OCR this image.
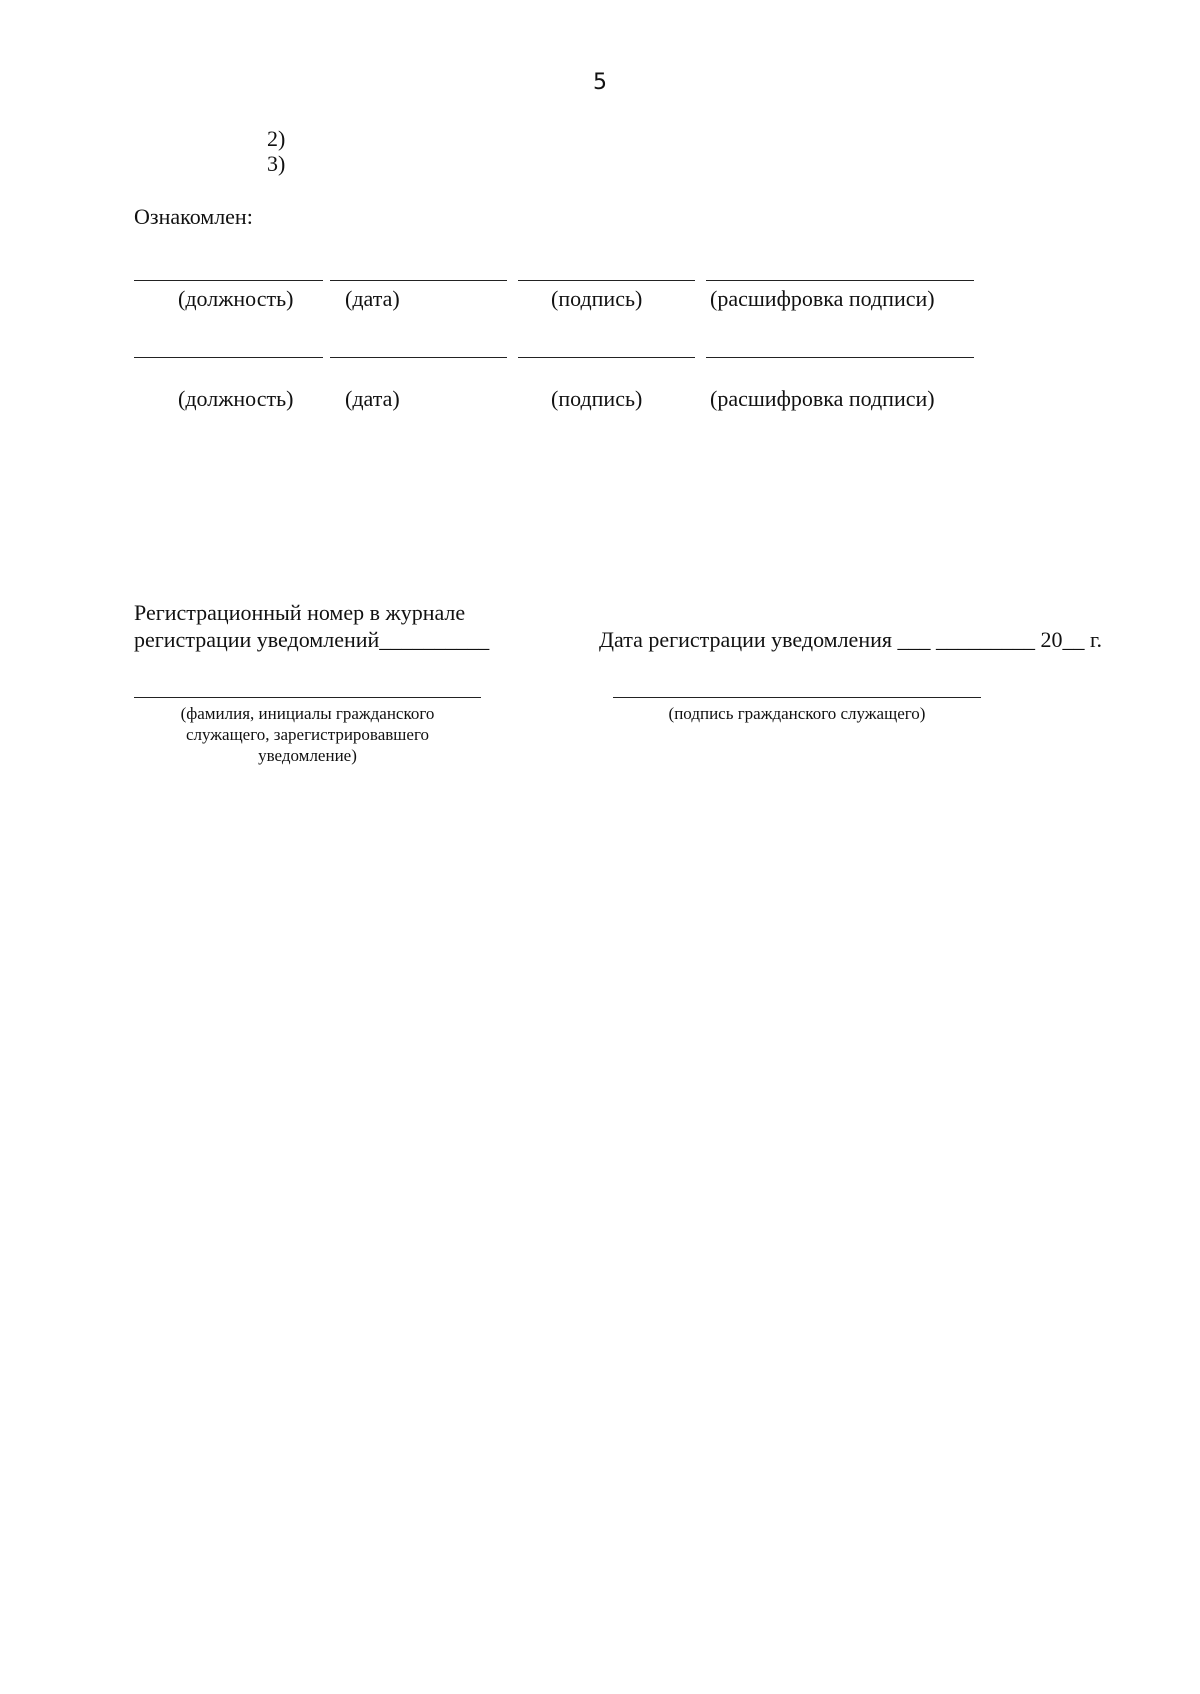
5
2)
3)
Ознакомлен:
(должность) (дата)	(подпись)	(расшифровка подписи)
(должность) (дата)	(подпись)	(расшифровка подписи)
Регистрационный номер в журнале
регистрации уведомлений__________	Дата регистрации уведомления ___ _________ 20__ г.
(фамилия, инициалы гражданского служащего, зарегистрировавшего уведомление)
(подпись гражданского служащего)
